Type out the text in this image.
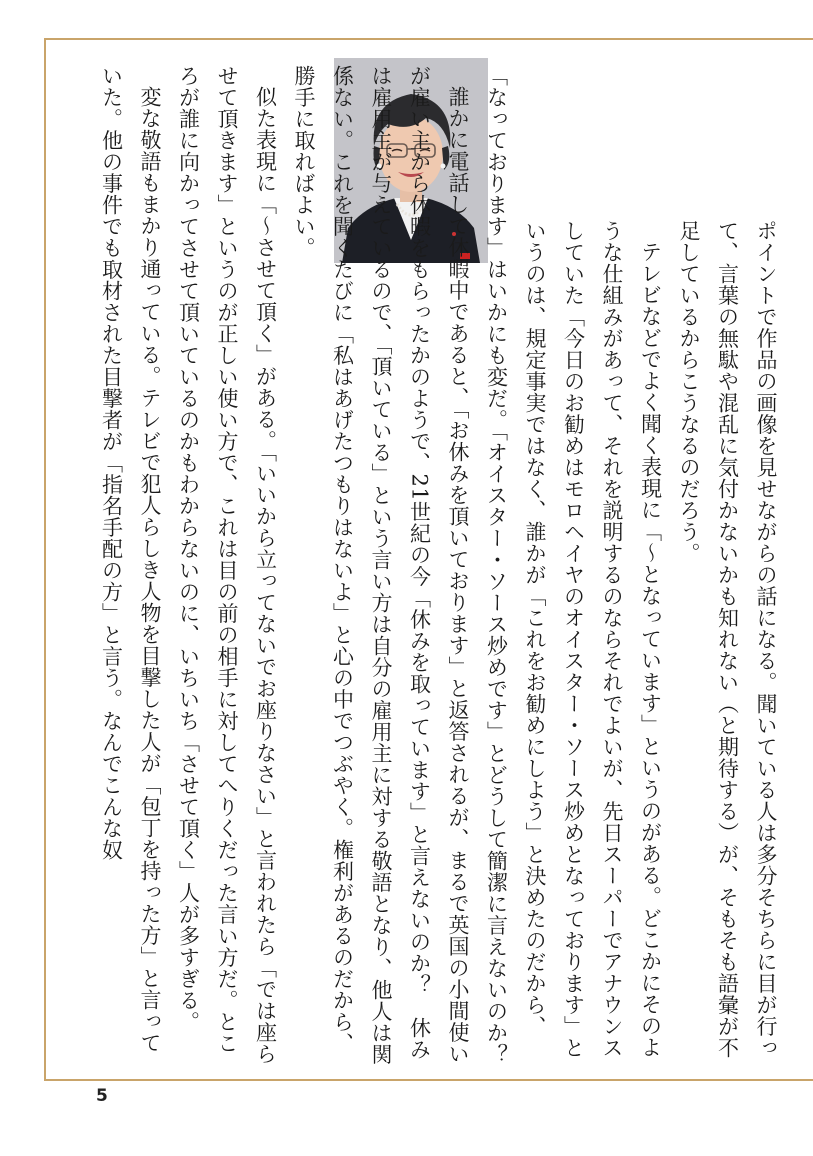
ポイントで作品の画像を見せながらの話になる。聞いている人は多分そちらに目が行って、言葉の無駄や混乱に気付かないかも知れない（と期待する）が、そもそも語彙が不足しているからこうなるのだろう。

テレビなどでよく聞く表現に「～となっています」というのがある。どこかにそのような仕組みがあって、それを説明するのならそれでよいが、先日スーパーでアナウンスしていた「今日のお勧めはモロヘイヤのオイスター・ソース炒めとなっております」というのは、規定事実ではなく、誰かが「これをお勧めにしよう」と決めたのだから、「なっております」はいかにも変だ。「オイスター・ソース炒めです」とどうして簡潔に言えないのか？

誰かに電話して休暇中であると、「お休みを頂いております」と返答されるが、まるで英国の小間使いが雇い主から休暇をもらったかのようで、21世紀の今「休みを取っています」と言えないのか？　休みは雇用主が与えているので、「頂いている」という言い方は自分の雇用主に対する敬語となり、他人は関係ない。これを聞くたびに「私はあげたつもりはないよ」と心の中でつぶやく。権利があるのだから、勝手に取ればよい。

似た表現に「～させて頂く」がある。「いいから立ってないでお座りなさい」と言われたら「では座らせて頂きます」というのが正しい使い方で、これは目の前の相手に対してへりくだった言い方だ。ところが誰に向かってさせて頂いているのかもわからないのに、いちいち「させて頂く」人が多すぎる。

変な敬語もまかり通っている。テレビで犯人らしき人物を目撃した人が「包丁を持った方」と言っていた。他の事件でも取材された目撃者が「指名手配の方」と言う。なんでこんな奴

5
